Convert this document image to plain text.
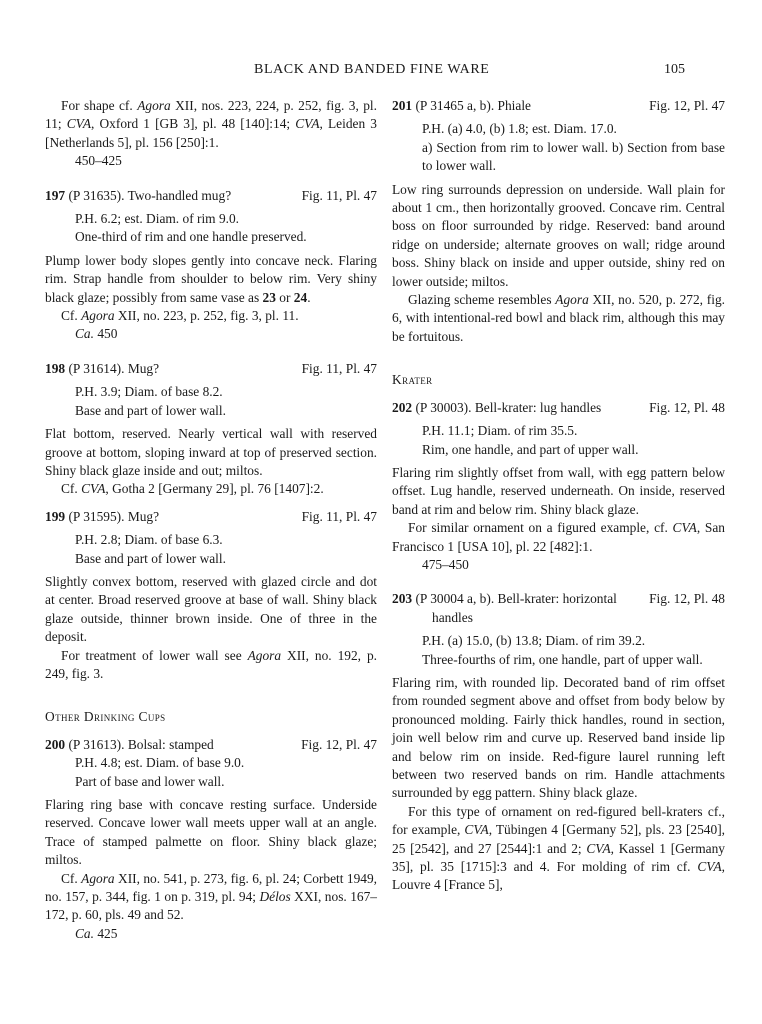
BLACK AND BANDED FINE WARE	105

For shape cf. Agora XII, nos. 223, 224, p. 252, fig. 3, pl. 11; CVA, Oxford 1 [GB 3], pl. 48 [140]:14; CVA, Leiden 3 [Netherlands 5], pl. 156 [250]:1.

450–425

197 (P 31635). Two-handled mug?	Fig. 11, Pl. 47

P.H. 6.2; est. Diam. of rim 9.0.

One-third of rim and one handle preserved.

Plump lower body slopes gently into concave neck. Flaring rim. Strap handle from shoulder to below rim. Very shiny black glaze; possibly from same vase as 23 or 24.

Cf. Agora XII, no. 223, p. 252, fig. 3, pl. 11.

Ca. 450

198 (P 31614). Mug?	Fig. 11, Pl. 47

P.H. 3.9; Diam. of base 8.2.

Base and part of lower wall.

Flat bottom, reserved. Nearly vertical wall with reserved groove at bottom, sloping inward at top of preserved section. Shiny black glaze inside and out; miltos.

Cf. CVA, Gotha 2 [Germany 29], pl. 76 [1407]:2.

199 (P 31595). Mug?	Fig. 11, Pl. 47

P.H. 2.8; Diam. of base 6.3.

Base and part of lower wall.

Slightly convex bottom, reserved with glazed circle and dot at center. Broad reserved groove at base of wall. Shiny black glaze outside, thinner brown inside. One of three in the deposit.

For treatment of lower wall see Agora XII, no. 192, p. 249, fig. 3.

Other Drinking Cups

200 (P 31613). Bolsal: stamped	Fig. 12, Pl. 47

P.H. 4.8; est. Diam. of base 9.0.

Part of base and lower wall.

Flaring ring base with concave resting surface. Underside reserved. Concave lower wall meets upper wall at an angle. Trace of stamped palmette on floor. Shiny black glaze; miltos.

Cf. Agora XII, no. 541, p. 273, fig. 6, pl. 24; Corbett 1949, no. 157, p. 344, fig. 1 on p. 319, pl. 94; Délos XXI, nos. 167–172, p. 60, pls. 49 and 52.

Ca. 425

201 (P 31465 a, b). Phiale	Fig. 12, Pl. 47

P.H. (a) 4.0, (b) 1.8; est. Diam. 17.0.

a) Section from rim to lower wall. b) Section from base to lower wall.

Low ring surrounds depression on underside. Wall plain for about 1 cm., then horizontally grooved. Concave rim. Central boss on floor surrounded by ridge. Reserved: band around ridge on underside; alternate grooves on wall; ridge around boss. Shiny black on inside and upper outside, shiny red on lower outside; miltos.

Glazing scheme resembles Agora XII, no. 520, p. 272, fig. 6, with intentional-red bowl and black rim, although this may be fortuitous.

Krater

202 (P 30003). Bell-krater: lug handles	Fig. 12, Pl. 48

P.H. 11.1; Diam. of rim 35.5.

Rim, one handle, and part of upper wall.

Flaring rim slightly offset from wall, with egg pattern below offset. Lug handle, reserved underneath. On inside, reserved band at rim and below rim. Shiny black glaze.

For similar ornament on a figured example, cf. CVA, San Francisco 1 [USA 10], pl. 22 [482]:1.

475–450

203 (P 30004 a, b). Bell-krater: horizontal handles
Fig. 12, Pl. 48

P.H. (a) 15.0, (b) 13.8; Diam. of rim 39.2.

Three-fourths of rim, one handle, part of upper wall.

Flaring rim, with rounded lip. Decorated band of rim offset from rounded segment above and offset from body below by pronounced molding. Fairly thick handles, round in section, join well below rim and curve up. Reserved band inside lip and below rim on inside. Red-figure laurel running left between two reserved bands on rim. Handle attachments surrounded by egg pattern. Shiny black glaze.

For this type of ornament on red-figured bell-kraters cf., for example, CVA, Tübingen 4 [Germany 52], pls. 23 [2540], 25 [2542], and 27 [2544]:1 and 2; CVA, Kassel 1 [Germany 35], pl. 35 [1715]:3 and 4. For molding of rim cf. CVA, Louvre 4 [France 5],
